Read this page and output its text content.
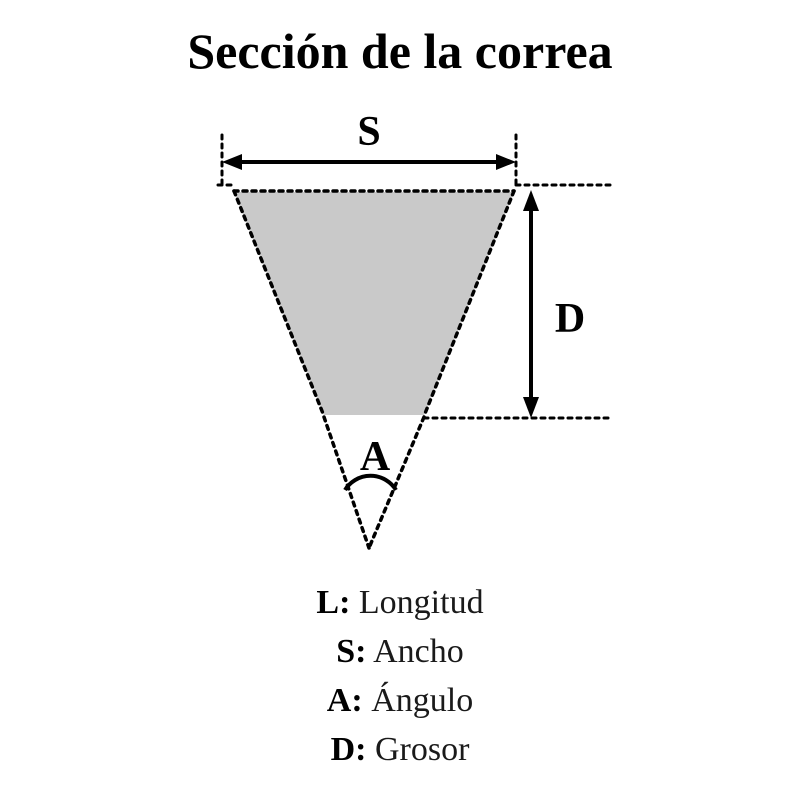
Sección de la correa
S
D
A
L: Longitud
S: Ancho
A: Ángulo
D: Grosor
